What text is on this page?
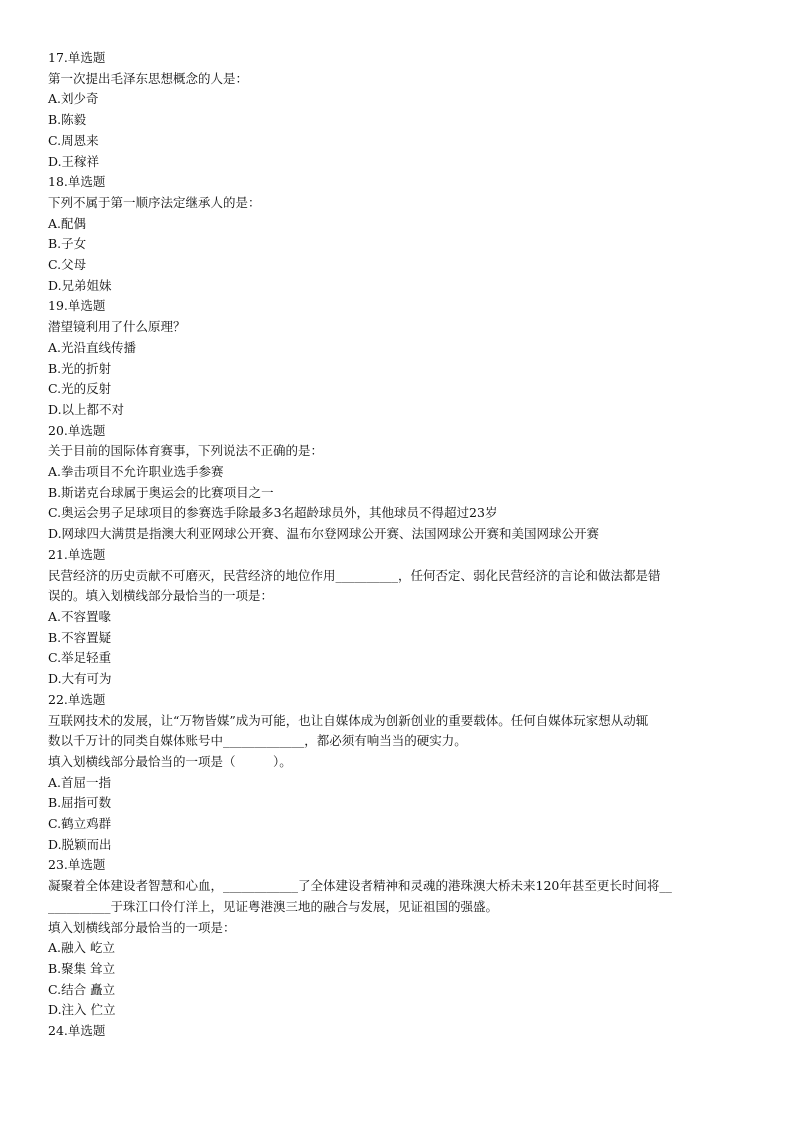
17.单选题
第一次提出毛泽东思想概念的人是：
A.刘少奇
B.陈毅
C.周恩来
D.王稼祥
18.单选题
下列不属于第一顺序法定继承人的是：
A.配偶
B.子女
C.父母
D.兄弟姐妹
19.单选题
潜望镜利用了什么原理？
A.光沿直线传播
B.光的折射
C.光的反射
D.以上都不对
20.单选题
关于目前的国际体育赛事，下列说法不正确的是：
A.拳击项目不允许职业选手参赛
B.斯诺克台球属于奥运会的比赛项目之一
C.奥运会男子足球项目的参赛选手除最多3名超龄球员外，其他球员不得超过23岁
D.网球四大满贯是指澳大利亚网球公开赛、温布尔登网球公开赛、法国网球公开赛和美国网球公开赛
21.单选题
民营经济的历史贡献不可磨灭，民营经济的地位作用__________，任何否定、弱化民营经济的言论和做法都是错
误的。填入划横线部分最恰当的一项是：
A.不容置喙
B.不容置疑
C.举足轻重
D.大有可为
22.单选题
互联网技术的发展，让“万物皆媒”成为可能，也让自媒体成为创新创业的重要载体。任何自媒体玩家想从动辄
数以千万计的同类自媒体账号中_____________，都必须有响当当的硬实力。
填入划横线部分最恰当的一项是（　　　）。
A.首屈一指
B.屈指可数
C.鹤立鸡群
D.脱颖而出
23.单选题
凝聚着全体建设者智慧和心血，____________了全体建设者精神和灵魂的港珠澳大桥未来120年甚至更长时间将__
__________于珠江口伶仃洋上，见证粤港澳三地的融合与发展，见证祖国的强盛。
填入划横线部分最恰当的一项是：
A.融入 屹立
B.聚集 耸立
C.结合 矗立
D.注入 伫立
24.单选题
